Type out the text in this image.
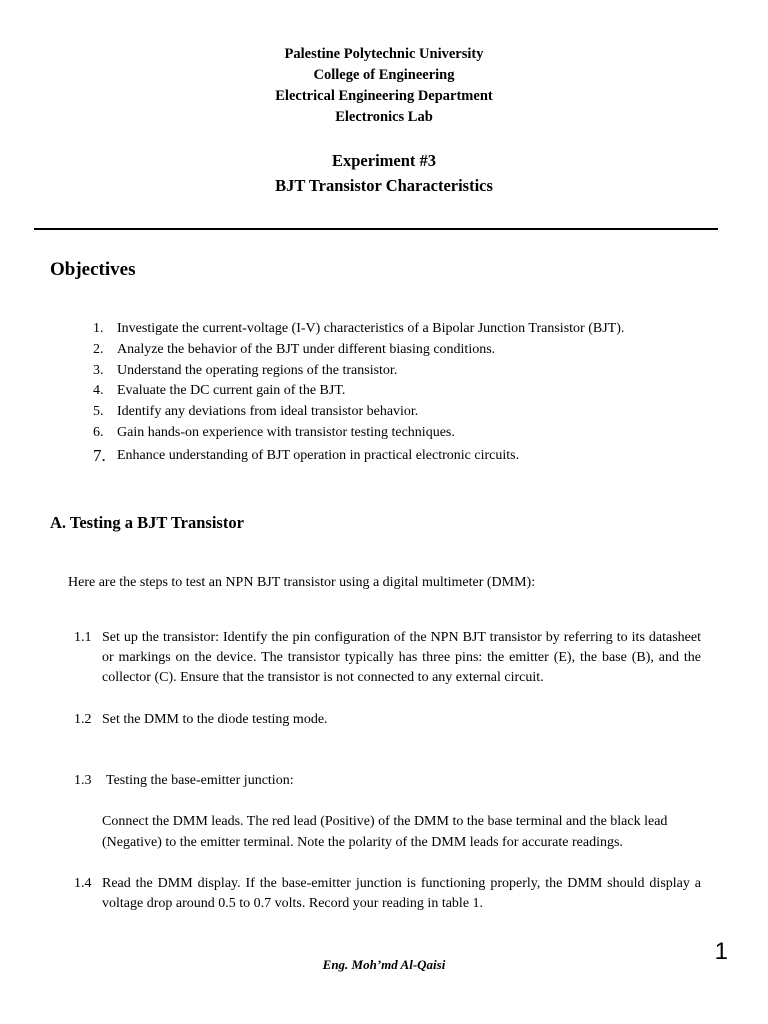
Palestine Polytechnic University
College of Engineering
Electrical Engineering Department
Electronics Lab
Experiment #3
BJT Transistor Characteristics
Objectives
1. Investigate the current-voltage (I-V) characteristics of a Bipolar Junction Transistor (BJT).
2. Analyze the behavior of the BJT under different biasing conditions.
3. Understand the operating regions of the transistor.
4. Evaluate the DC current gain of the BJT.
5. Identify any deviations from ideal transistor behavior.
6. Gain hands-on experience with transistor testing techniques.
7. Enhance understanding of BJT operation in practical electronic circuits.
A. Testing a BJT Transistor
Here are the steps to test an NPN BJT transistor using a digital multimeter (DMM):
1.1 Set up the transistor: Identify the pin configuration of the NPN BJT transistor by referring to its datasheet or markings on the device. The transistor typically has three pins: the emitter (E), the base (B), and the collector (C). Ensure that the transistor is not connected to any external circuit.
1.2 Set the DMM to the diode testing mode.
1.3	Testing the base-emitter junction:
Connect the DMM leads. The red lead (Positive) of the DMM to the base terminal and the black lead (Negative) to the emitter terminal. Note the polarity of the DMM leads for accurate readings.
1.4 Read the DMM display. If the base-emitter junction is functioning properly, the DMM should display a voltage drop around 0.5 to 0.7 volts. Record your reading in table 1.
Eng. Moh’md Al-Qaisi	1
